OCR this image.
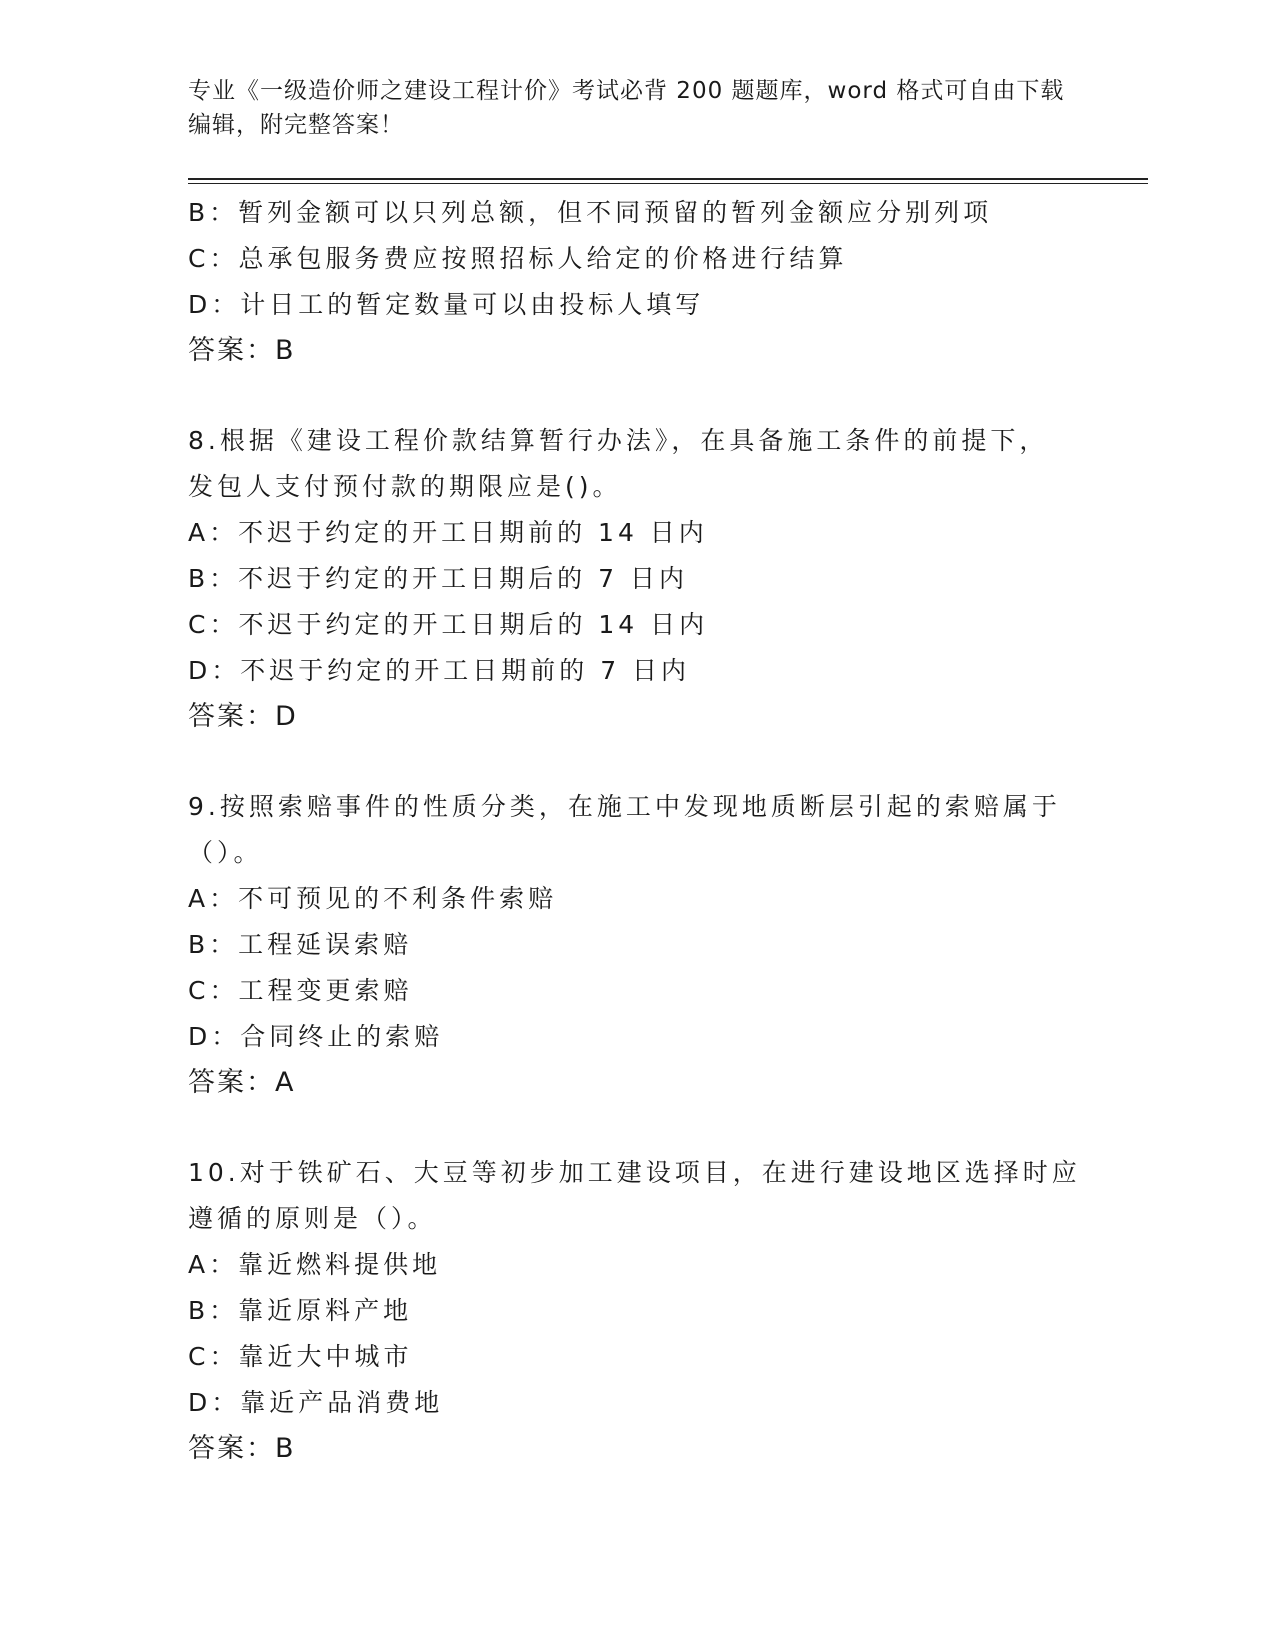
专业《一级造价师之建设工程计价》考试必背 200 题题库，word 格式可自由下载
编辑，附完整答案！
B：暂列金额可以只列总额，但不同预留的暂列金额应分别列项
C：总承包服务费应按照招标人给定的价格进行结算
D：计日工的暂定数量可以由投标人填写
答案：B
8.根据《建设工程价款结算暂行办法》，在具备施工条件的前提下，
发包人支付预付款的期限应是()。
A：不迟于约定的开工日期前的 14 日内
B：不迟于约定的开工日期后的 7 日内
C：不迟于约定的开工日期后的 14 日内
D：不迟于约定的开工日期前的 7 日内
答案：D
9.按照索赔事件的性质分类，在施工中发现地质断层引起的索赔属于
（）。
A：不可预见的不利条件索赔
B：工程延误索赔
C：工程变更索赔
D：合同终止的索赔
答案：A
10.对于铁矿石、大豆等初步加工建设项目，在进行建设地区选择时应
遵循的原则是（）。
A：靠近燃料提供地
B：靠近原料产地
C：靠近大中城市
D：靠近产品消费地
答案：B
